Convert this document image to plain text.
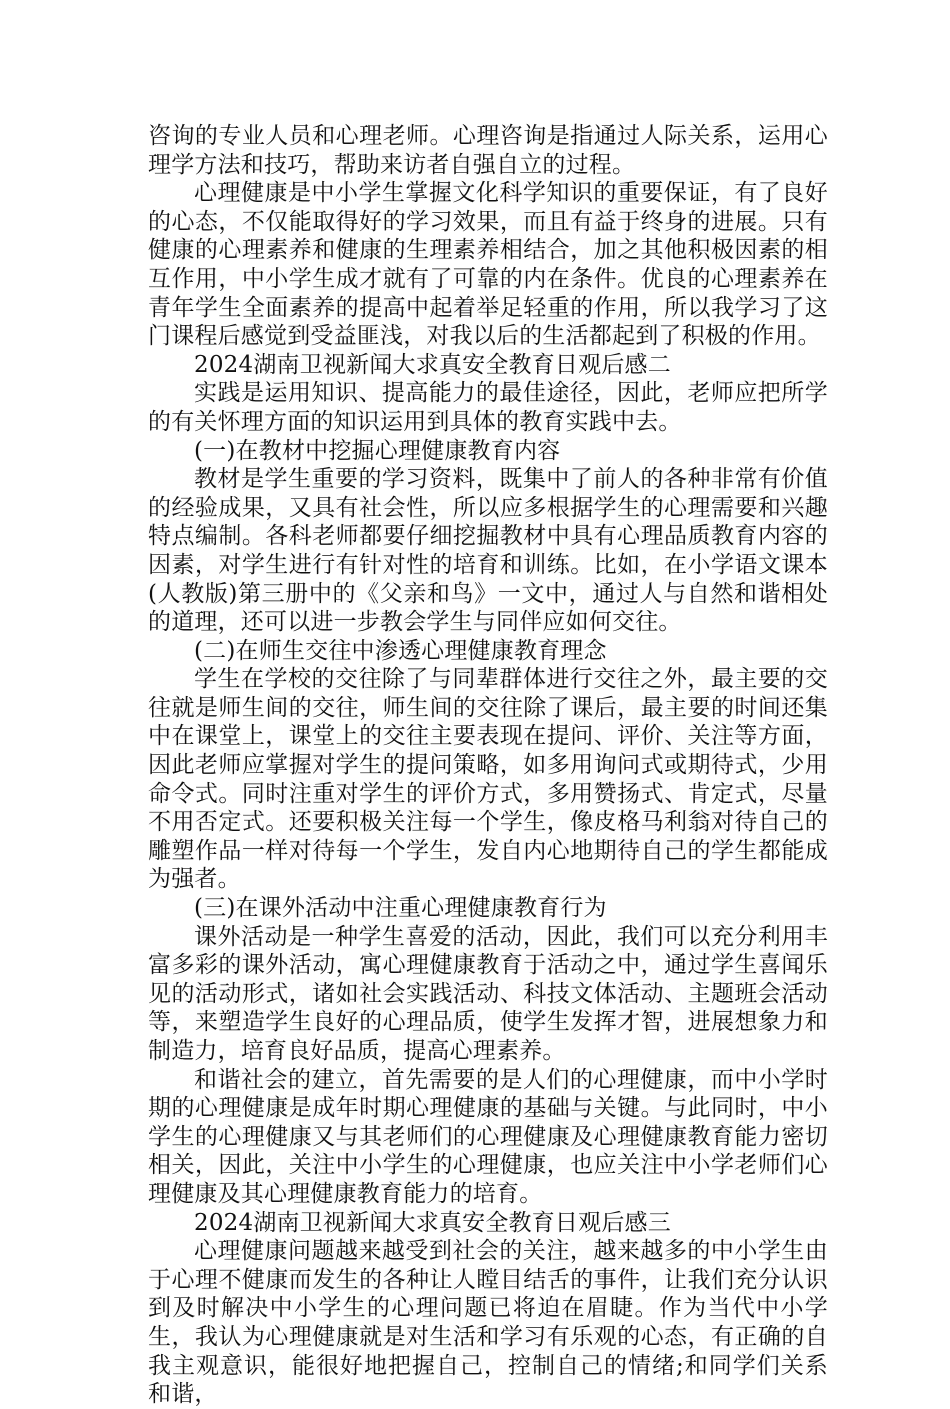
咨询的专业人员和心理老师。心理咨询是指通过人际关系，运用心理学方法和技巧，帮助来访者自强自立的过程。

心理健康是中小学生掌握文化科学知识的重要保证，有了良好的心态，不仅能取得好的学习效果，而且有益于终身的进展。只有健康的心理素养和健康的生理素养相结合，加之其他积极因素的相互作用，中小学生成才就有了可靠的内在条件。优良的心理素养在青年学生全面素养的提高中起着举足轻重的作用，所以我学习了这门课程后感觉到受益匪浅，对我以后的生活都起到了积极的作用。

2024湖南卫视新闻大求真安全教育日观后感二

实践是运用知识、提高能力的最佳途径，因此，老师应把所学的有关怀理方面的知识运用到具体的教育实践中去。

(一)在教材中挖掘心理健康教育内容

教材是学生重要的学习资料，既集中了前人的各种非常有价值的经验成果，又具有社会性，所以应多根据学生的心理需要和兴趣特点编制。各科老师都要仔细挖掘教材中具有心理品质教育内容的因素，对学生进行有针对性的培育和训练。比如，在小学语文课本(人教版)第三册中的《父亲和鸟》一文中，通过人与自然和谐相处的道理，还可以进一步教会学生与同伴应如何交往。

(二)在师生交往中渗透心理健康教育理念

学生在学校的交往除了与同辈群体进行交往之外，最主要的交往就是师生间的交往，师生间的交往除了课后，最主要的时间还集中在课堂上，课堂上的交往主要表现在提问、评价、关注等方面，因此老师应掌握对学生的提问策略，如多用询问式或期待式，少用命令式。同时注重对学生的评价方式，多用赞扬式、肯定式，尽量不用否定式。还要积极关注每一个学生，像皮格马利翁对待自己的雕塑作品一样对待每一个学生，发自内心地期待自己的学生都能成为强者。

(三)在课外活动中注重心理健康教育行为

课外活动是一种学生喜爱的活动，因此，我们可以充分利用丰富多彩的课外活动，寓心理健康教育于活动之中，通过学生喜闻乐见的活动形式，诸如社会实践活动、科技文体活动、主题班会活动等，来塑造学生良好的心理品质，使学生发挥才智，进展想象力和制造力，培育良好品质，提高心理素养。

和谐社会的建立，首先需要的是人们的心理健康，而中小学时期的心理健康是成年时期心理健康的基础与关键。与此同时，中小学生的心理健康又与其老师们的心理健康及心理健康教育能力密切相关，因此，关注中小学生的心理健康，也应关注中小学老师们心理健康及其心理健康教育能力的培育。

2024湖南卫视新闻大求真安全教育日观后感三

心理健康问题越来越受到社会的关注，越来越多的中小学生由于心理不健康而发生的各种让人瞠目结舌的事件，让我们充分认识到及时解决中小学生的心理问题已将迫在眉睫。作为当代中小学生，我认为心理健康就是对生活和学习有乐观的心态，有正确的自我主观意识，能很好地把握自己，控制自己的情绪;和同学们关系和谐，
